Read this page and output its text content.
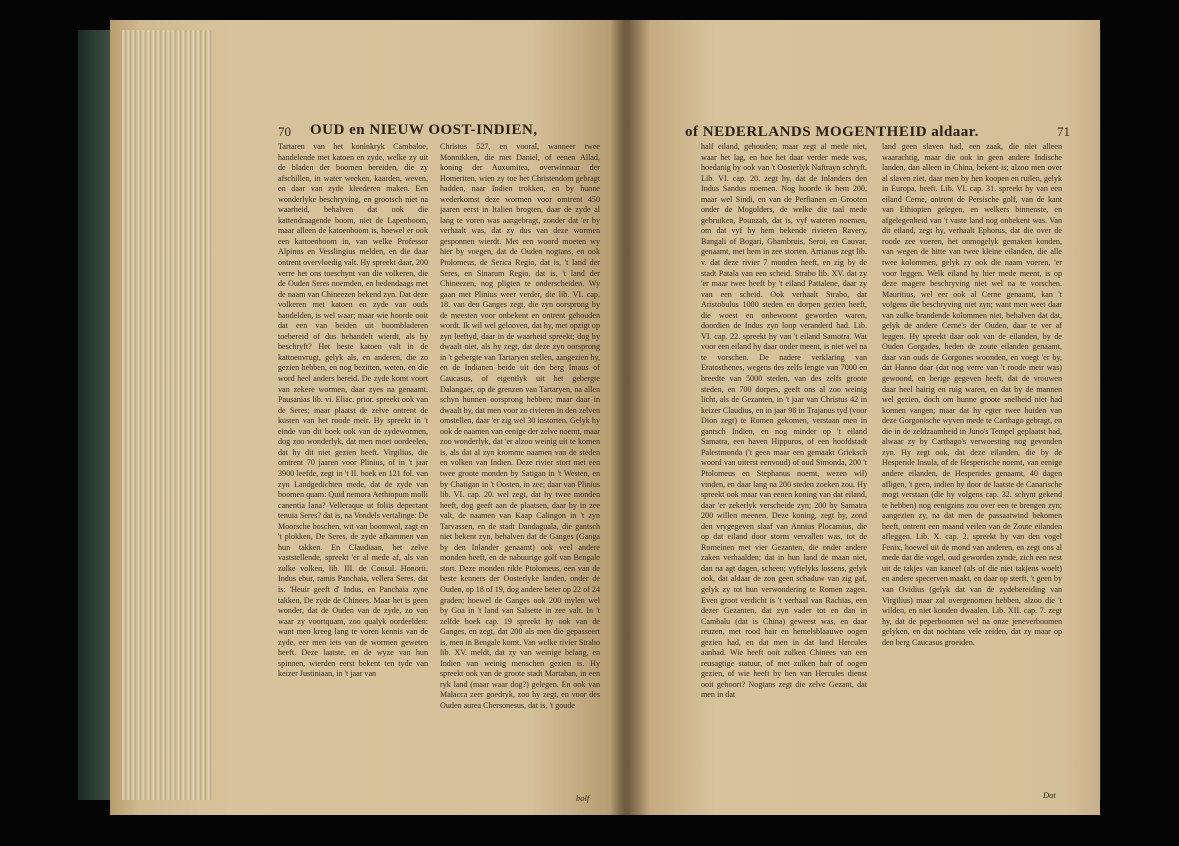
70 OUD en NIEUW OOST-INDIEN,
Tartaren van het koninkryk Cambaloe, handelende met katoen en zyde, welke zy uit de bladen der boomen bereiden, die zy afschillen, in water weeken, kaarden, weven, en daar van zyde kleederen maken. Een wonderlyke beschryving, en grootsch niet na waarheid, behalven dat ook die kattendraagende boom, niet de Lapenboom, maar alleen de katoenboom is, hoewel er ook een kattoenboom in, van welke Professor Alpinus en Vesslingius melden, en die daar ontrent overvloedig valt. Hy spreekt daar, 200 verre het ons toeschynt van die volkeren, die de Ouden Seres noemden, en hedendaags met de naam van Chineezen bekend zyn. Dat deze volkeren met katoen en zyde van ouds handelden, is wel waar; maar wie hoorde ooit dat een van beiden uit boombladeren toebereid of dus behandelt wierdt, als hy beschryft? Het beste katoen valt in de kattoenvrugt, gelyk als, en anderen, die zo gezien hebben, en nog bezitten, weten, en die word heel anders bereid. De zyde komt voort van zekere wormen, daar zyes na genaamt. Pausanias lib. vi. Eliac. prior. spreekt ook van de Seres; maar plaatst de zelve ontrent de kusten van het roode meir. Hy spreekt in 't einde van dit boek ook van de zydewormen, dog zoo wonderlyk, dat men moet oordeelen, dat hy dit niet gezien heeft. Virgilius, die omtrent 70 jaaren voor Plinius, of in 't jaar 3900 leefde, zegt in 't II. boek en 121 fol. van zyn Landgedichten mede, dat de zyde van boomen quam: Quid nemora Aethiopum molli canentia lana? Velleraque ut foliis depectant tenuia Seres? dat is, na Vondels vertalinge: De Moorsche boschen, wit van boomwol, zagt en 't plokken, De Seres, de zyde afkammen van hun takken. En Claudiaan, het zelve vaststellende, spreekt 'er al mede af, als van zulke volken, lib. III. de Consul. Honorii. Indus ebur, ramis Panchaia, vellera Seres. dat is: 'Heuir geeft d' Indus, en Panchaia zyne takken, De zyde de Chinees. Maar het is geen wonder, dat de Ouden van de zyde, zo van waar zy voortquam, zoo qualyk oordeelden: want men kreeg lang te voren kennis van de zyde, eer men iets van de wormen geweten heeft. Deze laatste, en de wyze van hun spinnen, wierden eerst bekent ten tyde van keizer Justiniaan, in 't jaar van
Christus 527, en vooral, wanneer twee Monnikken, die met Daniel, of eenen Allad, koning der Auxumitea, overwinnaar der Homeriten, wien zy toe het Christendom gebragt hadden, naar Indien trokken, en by hunne wederkomst deze wormen voor omtrent 450 jaaren eerst in Italien brogten, daar de zyde al lang te voren was aangebragt, zonder dat 'er by verhaalt was, dat zy dus van deze wormen gesponnen wierdt. Met een woord moeten wy hier by voegen, dat de Ouden nogtans, en ook Ptolomeus, de Serica Regio, dat is, 't land der Seres, en Sinarum Regio, dat is, 't land der Chineezen, nog pligten te onderscheiden. Wy gaan met Plinius weer verder, die lib. VI. cap. 18. van den Ganges zegt, die zyn oorsprong by de meesten voor onbekent en ontrent gehouden wordt. Ik wil wel gelooven, dat hy, met opzigt op zyn leeftyd, daar in de waarheid spreekt; dog hy dwaalt niet, als hy zegt, dat deze zyn oorsprong in 't gebergte van Tartaryen stellen, aangezien hy, en de Indianen beide uit den berg Imaus of Caucasus, of eigentlyk uit het gebergte Dalangaer, op de grenzen van Tartaryen, na allen schyn hunnen oorsprong hebben; maar daar in dwaalt hy, dat men voor zo rivieren in den zelven omstellen, daar 'er zig wel 30 instorten. Gelyk hy ook de naamen van eenige der zelve noemt, maar zoo wonderlyk, dat 'er alzoo weinig uit te komen is, als dat al zyn kromme naamen van de steden en volken van Indien. Deze rivier stort met een twee groote monden by Satigan in 't Westen, en by Chatigan in 't Oosten, in zee; daar van Plinius lib. VI. cap. 20. wel zegt, dat hy twee monden heeft, dog geeft aan de plaatsen, daar hy in zee valt, de naamen van Kaap Calingon in 't zyn Tarvassen, en de stadt Dandaguala, die gantsch niet bekent zyn, behalven dat de Ganges (Ganga by den Inlander genaamt) ook veel andere monden heeft, en de nabuurige golf van Bengale stort. Deze monden rikle Ptolomeus, een van de beste kenners der Oosterlyke landen, onder de Ouden, op 18 of 19, dog andere beter op 22 of 24 graden; hoewel de Ganges ook 200 mylen wel by Goa in 't land van Salsette in zee valt. In 't zelfde boek cap. 19 spreekt hy ook van de Ganges, en zegt, dat 200 als men die gepasseert is, men in Bengale komt. Van welke rivier Strabo lib. XV. meldt, dat zy van weinige belang, en Indien van weinig menschen gezien is. Hy spreekt ook van de groote stadt Martaban, in een ryk land (maar waar dog?) gelegen. En ook van Malacca zeer goedryk, zoo hy zegt, en voor des Ouden aurea Chersonesus, dat is, 't goude
bolf
of NEDERLANDS MOGENTHEID aldaar.	71
half eiland, gehouden; maar zegt al mede niet, waar het lag, en hoe het daar verder mede was, hoedanig by ook van 't Oosterlyk Naftrayn schryft. Lib. VI. cap. 20. zegt hy, dat de Inlanders den Indus Sandus noemen. Nog hoorde ik hem 200, maar wel Sindi, en van de Perfianen en Grooten onder de Mogolders, de welke die taal mede gebruiken, Pounzab, dat is, vyf wateren noemen, om dat vyf by hem bekende rivieren Ravery, Bangali of Bogari, Ghambruis, Seroi, en Cauvar, genaamt, met hem in zee storten. Arrianus zegt lib. v. dat deze rivier 7 monden heeft, en zig by de stadt Patala van een scheid. Strabo lib. XV. dat zy 'er maar twee heeft by 't eiland Pattalene, daar zy van een scheid. Ook verhaalt Strabo, dat Aristobulus 1000 steden en dorpen gezien heeft, die woest en onbewoont geworden waren, doordien de Indus zyn loop veranderd had. Lib. VI. cap. 22. spreekt hy van 't eiland Samotra. Wat voor een eiland hy daar onder meent, is niet wel na te vorschen. De nadere verklaring van Eratosthenes, wegens des zelfs lengte van 7000 en breedte van 5000 steden, van des zelfs groote steden, en 700 dorpen, geeft ons al zoo weinig licht, als de Gezanten, in 't jaar van Christus 42 in keizer Claudius, en in jaar 98 in Trajanus tyd (voor Dion zegt) te Romen gekomen, verstaan men in gantsch Indien, en nog minder op 't eiland Samatra, een haven Hippuros, of een hoofdstadt Palestmonda ('t geen maar een gemaakt Grieksch woord van uiterst eenvoud) of oud Simonda, 200 't Ptolomeus en Stephanus noemt, wezen wil) vinden, en daar lang na 200 steden zoeken zou. Hy spreekt ook maar van eenen koning van dat eiland, daar 'er zekerlyk verscheide zyn; 200 by Samatra 200 willen meenen. Deze koning, zegt hy, zond den vrygegeven slaaf van Annius Plocamius, die op dat eiland door storm vervallen was, tot de Romeinen met vier Gezanten, die onder andere zaken verhaalden; dat in hun land de maan niet, dan na agt dagen, scheen; vyftelyks lossens, gelyk ook, dat aldaar de zon geen schaduw van zig gaf, gelyk zy tot hun verwondering te Romen zagen. Even groot verdicht is 't verhaal van Rachias, een dezer Gezanten, dat zyn vader tot en dan in Cambalu (dat is China) geweest was, en daar reuzen, met rood hair en hemelsblaauwe oogen gezien had, en dat men in dat land Hercules aanbad. Wie heeft ooit zulken Chinees van een reusagtige statuur, of met zulken hair of oogen gezien, of wie heeft by hen van Hercules dienst ooit gehoort? Nogtans zegt die zelve Gezant, dat men in dat
land geen slaven had, een zaak, die niet alleen waarachtig, maar die ook in geen andere Indische landen, dan alleen in China, bekent is; alzoo men over al slaven ziet, daar men by hen koopen en ruilen, gelyk in Europa, heeft. Lib. VI. cap. 31. spreekt hy van een eiland Cerne, ontrent de Persische golf, van de kant van Ethiopien gelegen, en welkers binnenste, en afgelegenheid van 't vaste land nog onbekent was. Van dit eiland, zegt hy, verhaalt Ephorus, dat die over de roode zee voeren, het onmogelyk gemaken konden, van wegen de hitte van twee kleine eilanden, die alle twee kolommen, gelyk zy ook die naam voeren, 'er voor leggen. Welk eiland hy hier mede meent, is op deze magere beschryving niet wel na te vorschen. Mauritius, wel eer ook al Cerne genaamt, kan 't volgens die beschryving niet zyn; want men weet daar van zulke brandende kolommen niet, behalven dat dat, gelyk de andere Cerne's der Ouden, daar te ver af leggen. Hy spreekt daar ook van de eilanden, by de Ouden Gorgades, heden de zoute eilanden genaamt, daar van ouds de Gorgones woonden, en voegt 'er by, dat Hanno daar (dat nog verre van 't roode meir was) gewoond, en berige gegeven heeft, dat de vrouwen daar heel hairig en ruig waren, en dat hy de mannen wel gezien, doch om hunne groote snelheid niet had konnen vangen; maar dat hy egter twee huiden van deze Gorgonische wyven mede te Carthago gebragt, en die in de zeldzaamheid in Juno's Tempel geplaatst had, alwaar zy by Carthago's verwoesting nog gevonden zyn. Hy zegt ook, dat deze eilanden, die by de Hesperide Insula, of de Hesperische noemt, van eenige andere eilanden, de Hesperides genaamt, 40 dagen afligen, 't geen, indien hy door de laatste de Canarische mogt verstaan (die hy volgens cap. 32. schynt gekend te hebben) nog eenigzins zou over een te brengen zyn; aangezien zy, na dat men de passaatwind bekomen heeft, ontrent een maand veilen van de Zoute eilanden afleggen. Lib. X. cap. 2. spreekt hy van den vogel Fenix, hoewel uit de mond van anderen, en zegt ons al mede dat die vogel, oud geworden zynde, zich een nest uit de takjes van kaneel (als of die niet takjens woelt) en andere specerven maakt, en daar op sterft, 't geen by van Ovidius (gelyk dat van de zydebereiding van Virgilius) maar zal overgenomen hebben, alzoo die 't wilden, en niet konden dwaalen. Lib. XII. cap. 7. zegt hy, dat de peperboomen wel na onze jeneverboomen gelyken, en dat nochtans vele zeiden, dat zy maar op den berg Caucasus groeiden.
Dat
